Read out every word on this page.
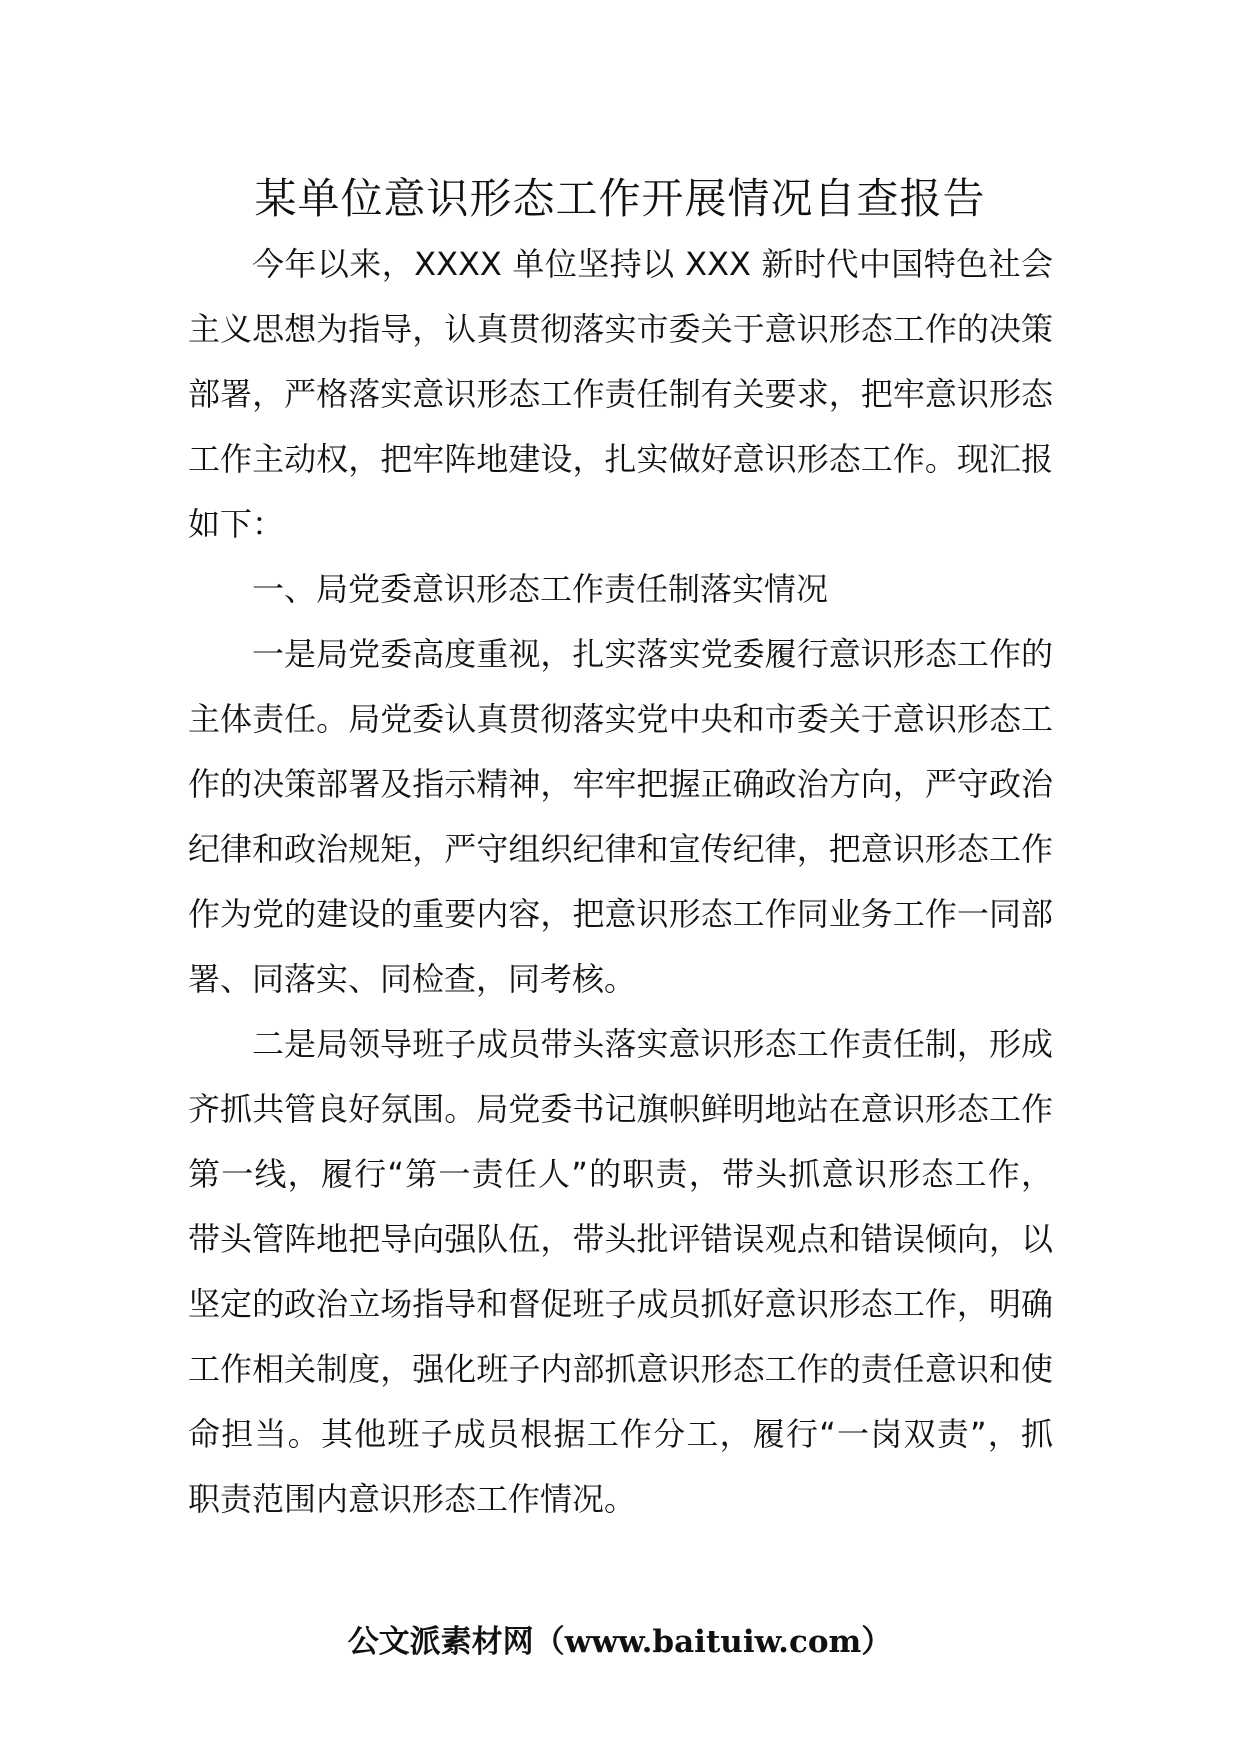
某单位意识形态工作开展情况自查报告

今年以来，XXXX 单位坚持以 XXX 新时代中国特色社会主义思想为指导，认真贯彻落实市委关于意识形态工作的决策部署，严格落实意识形态工作责任制有关要求，把牢意识形态工作主动权，把牢阵地建设，扎实做好意识形态工作。现汇报如下：

一、局党委意识形态工作责任制落实情况

一是局党委高度重视，扎实落实党委履行意识形态工作的主体责任。局党委认真贯彻落实党中央和市委关于意识形态工作的决策部署及指示精神，牢牢把握正确政治方向，严守政治纪律和政治规矩，严守组织纪律和宣传纪律，把意识形态工作作为党的建设的重要内容，把意识形态工作同业务工作一同部署、同落实、同检查，同考核。

二是局领导班子成员带头落实意识形态工作责任制，形成齐抓共管良好氛围。局党委书记旗帜鲜明地站在意识形态工作第一线，履行“第一责任人”的职责，带头抓意识形态工作，带头管阵地把导向强队伍，带头批评错误观点和错误倾向，以坚定的政治立场指导和督促班子成员抓好意识形态工作，明确工作相关制度，强化班子内部抓意识形态工作的责任意识和使命担当。其他班子成员根据工作分工，履行“一岗双责”，抓职责范围内意识形态工作情况。

公文派素材网（www.baituiw.com）
